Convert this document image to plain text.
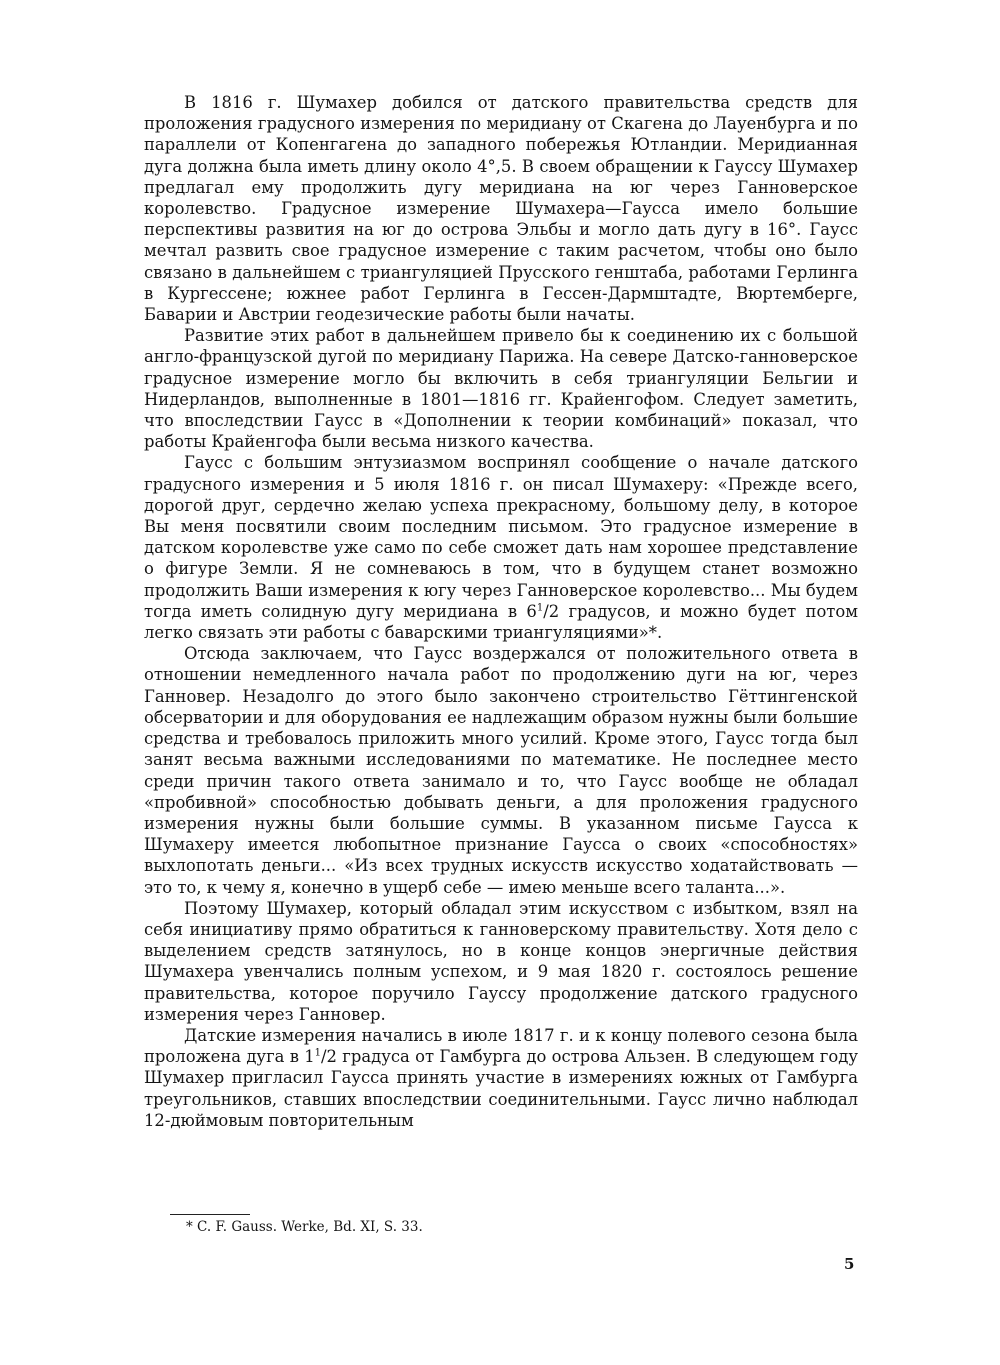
В 1816 г. Шумахер добился от датского правительства средств для проложения градусного измерения по меридиану от Скагена до Лауенбурга и по параллели от Копенгагена до западного побережья Ютландии. Меридианная дуга должна была иметь длину около 4°,5. В своем обращении к Гауссу Шумахер предлагал ему продолжить дугу меридиана на юг через Ганноверское королевство. Градусное измерение Шумахера—Гаусса имело большие перспективы развития на юг до острова Эльбы и могло дать дугу в 16°. Гаусс мечтал развить свое градусное измерение с таким расчетом, чтобы оно было связано в дальнейшем с триангуляцией Прусского генштаба, работами Герлинга в Кургессене; южнее работ Герлинга в Гессен-Дармштадте, Вюртемберге, Баварии и Австрии геодезические работы были начаты.

Развитие этих работ в дальнейшем привело бы к соединению их с большой англо-французской дугой по меридиану Парижа. На севере Датско-ганноверское градусное измерение могло бы включить в себя триангуляции Бельгии и Нидерландов, выполненные в 1801—1816 гг. Крайенгофом. Следует заметить, что впоследствии Гаусс в «Дополнении к теории комбинаций» показал, что работы Крайенгофа были весьма низкого качества.

Гаусс с большим энтузиазмом воспринял сообщение о начале датского градусного измерения и 5 июля 1816 г. он писал Шумахеру: «Прежде всего, дорогой друг, сердечно желаю успеха прекрасному, большому делу, в которое Вы меня посвятили своим последним письмом. Это градусное измерение в датском королевстве уже само по себе сможет дать нам хорошее представление о фигуре Земли. Я не сомневаюсь в том, что в будущем станет возможно продолжить Ваши измерения к югу через Ганноверское королевство... Мы будем тогда иметь солидную дугу меридиана в $6^1/2$ градусов, и можно будет потом легко связать эти работы с баварскими триангуляциями»*.

Отсюда заключаем, что Гаусс воздержался от положительного ответа в отношении немедленного начала работ по продолжению дуги на юг, через Ганновер. Незадолго до этого было закончено строительство Гёттингенской обсерватории и для оборудования ее надлежащим образом нужны были большие средства и требовалось приложить много усилий. Кроме этого, Гаусс тогда был занят весьма важными исследованиями по математике. Не последнее место среди причин такого ответа занимало и то, что Гаусс вообще не обладал «пробивной» способностью добывать деньги, а для проложения градусного измерения нужны были большие суммы. В указанном письме Гаусса к Шумахеру имеется любопытное признание Гаусса о своих «способностях» выхлопотать деньги... «Из всех трудных искусств искусство ходатайствовать — это то, к чему я, конечно в ущерб себе — имею меньше всего таланта...».

Поэтому Шумахер, который обладал этим искусством с избытком, взял на себя инициативу прямо обратиться к ганноверскому правительству. Хотя дело с выделением средств затянулось, но в конце концов энергичные действия Шумахера увенчались полным успехом, и 9 мая 1820 г. состоялось решение правительства, которое поручило Гауссу продолжение датского градусного измерения через Ганновер.

Датские измерения начались в июле 1817 г. и к концу полевого сезона была проложена дуга в $1^1/2$ градуса от Гамбурга до острова Альзен. В следующем году Шумахер пригласил Гаусса принять участие в измерениях южных от Гамбурга треугольников, ставших впоследствии соединительными. Гаусс лично наблюдал 12-дюймовым повторительным

* C. F. Gauss. Werke, Bd. XI, S. 33.
5
